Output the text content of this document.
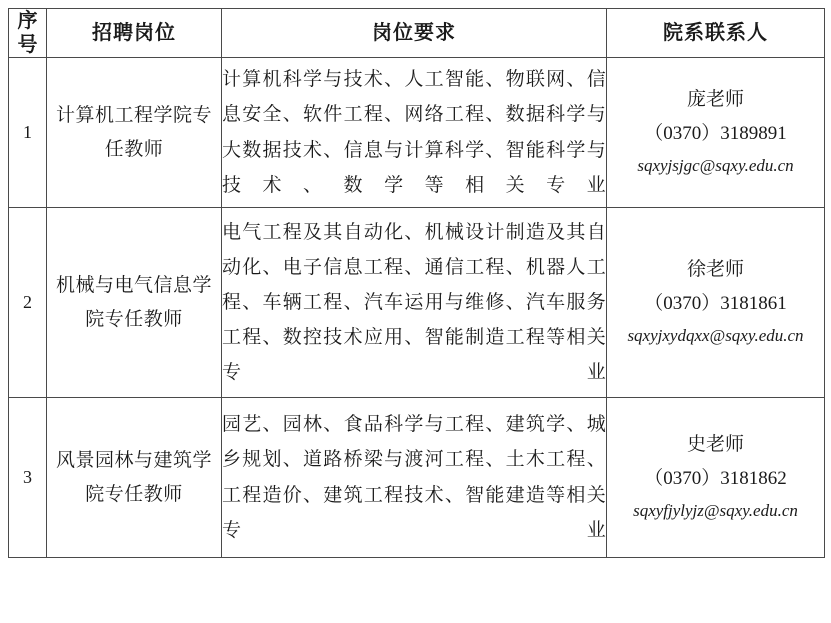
序
号	招聘岗位	岗位要求	院系联系人
1	计算机工程学院专任教师	计算机科学与技术、人工智能、物联网、信息安全、软件工程、网络工程、数据科学与大数据技术、信息与计算科学、智能科学与技术、数学等相关专业	庞老师
（0370）3189891
sqxyjsjgc@sqxy.edu.cn

2	机械与电气信息学院专任教师	电气工程及其自动化、机械设计制造及其自动化、电子信息工程、通信工程、机器人工程、车辆工程、汽车运用与维修、汽车服务工程、数控技术应用、智能制造工程等相关专业	徐老师
（0370）3181861
sqxyjxydqxx@sqxy.edu.cn

3	风景园林与建筑学院专任教师	园艺、园林、食品科学与工程、建筑学、城乡规划、道路桥梁与渡河工程、土木工程、工程造价、建筑工程技术、智能建造等相关专业	史老师
（0370）3181862
sqxyfjylyjz@sqxy.edu.cn
